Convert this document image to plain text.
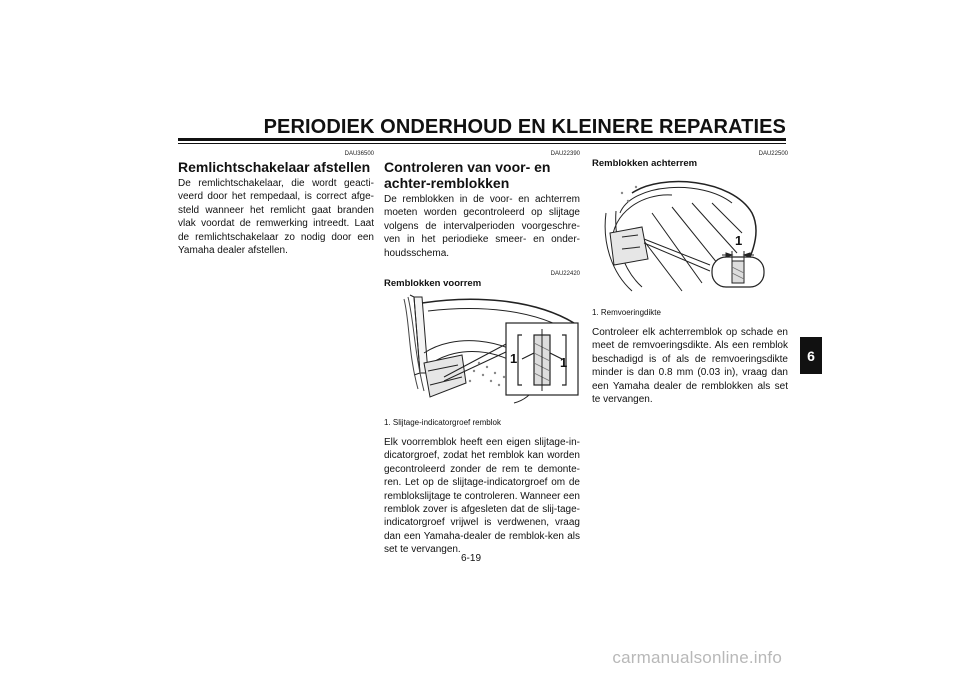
PERIODIEK ONDERHOUD EN KLEINERE REPARATIES

DAU36500

Remlichtschakelaar afstellen

De remlichtschakelaar, die wordt geacti-veerd door het rempedaal, is correct afge-steld wanneer het remlicht gaat branden vlak voordat de remwerking intreedt. Laat de remlichtschakelaar zo nodig door een Yamaha dealer afstellen.

DAU22390

Controleren van voor- en achter-remblokken

De remblokken in de voor- en achterrem moeten worden gecontroleerd op slijtage volgens de intervalperioden voorgeschre-ven in het periodieke smeer- en onder-houdsschema.

DAU22420

Remblokken voorrem
1	1

1. Slijtage-indicatorgroef remblok

Elk voorremblok heeft een eigen slijtage-in-dicatorgroef, zodat het remblok kan worden gecontroleerd zonder de rem te demonte-ren. Let op de slijtage-indicatorgroef om de remblokslijtage te controleren. Wanneer een remblok zover is afgesleten dat de slij-tage-indicatorgroef vrijwel is verdwenen, vraag dan een Yamaha-dealer de remblok-ken als set te vervangen.

DAU22500

Remblokken achterrem
1

1. Remvoeringdikte

Controleer elk achterremblok op schade en meet de remvoeringsdikte. Als een remblok beschadigd is of als de remvoeringsdikte minder is dan 0.8 mm (0.03 in), vraag dan een Yamaha dealer de remblokken als set te vervangen.

6
6-19
carmanualsonline.info
